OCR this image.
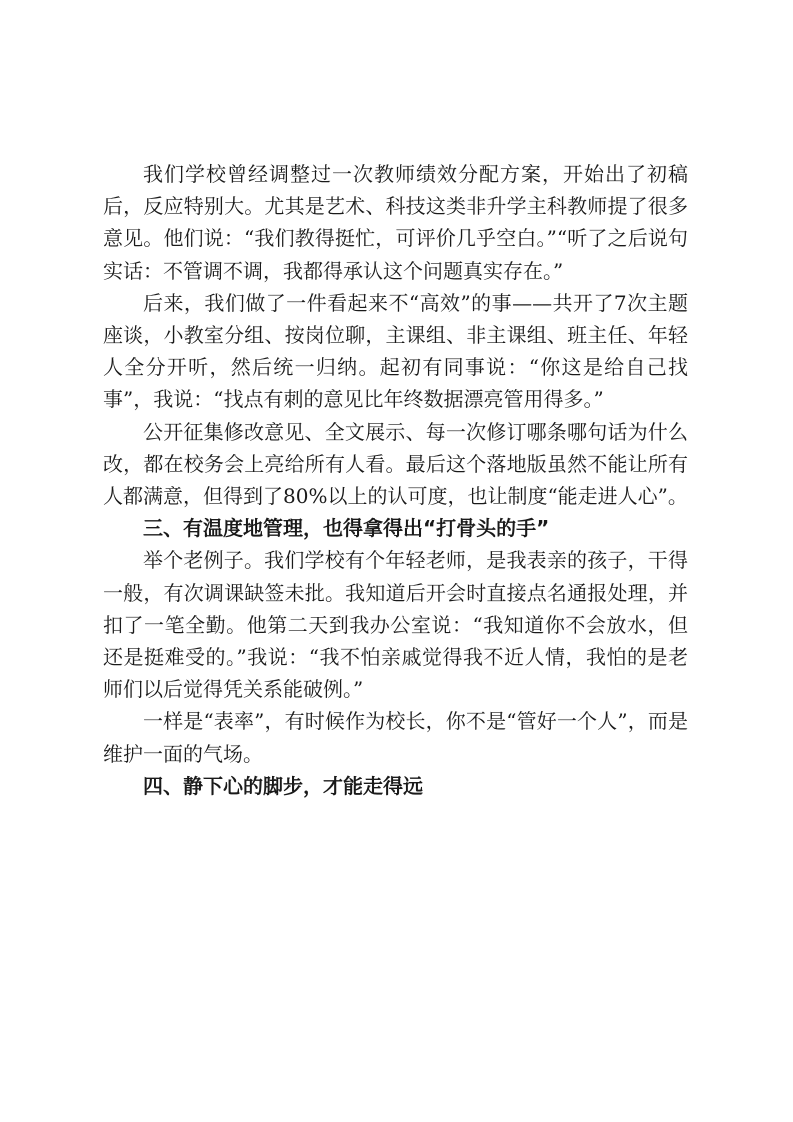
我们学校曾经调整过一次教师绩效分配方案，开始出了初稿后，反应特别大。尤其是艺术、科技这类非升学主科教师提了很多意见。他们说：“我们教得挺忙，可评价几乎空白。”“听了之后说句实话：不管调不调，我都得承认这个问题真实存在。”

后来，我们做了一件看起来不“高效”的事——共开了7次主题座谈，小教室分组、按岗位聊，主课组、非主课组、班主任、年轻人全分开听，然后统一归纳。起初有同事说：“你这是给自己找事”，我说：“找点有刺的意见比年终数据漂亮管用得多。”

公开征集修改意见、全文展示、每一次修订哪条哪句话为什么改，都在校务会上亮给所有人看。最后这个落地版虽然不能让所有人都满意，但得到了80%以上的认可度，也让制度“能走进人心”。

三、有温度地管理，也得拿得出“打骨头的手”

举个老例子。我们学校有个年轻老师，是我表亲的孩子，干得一般，有次调课缺签未批。我知道后开会时直接点名通报处理，并扣了一笔全勤。他第二天到我办公室说：“我知道你不会放水，但还是挺难受的。”我说：“我不怕亲戚觉得我不近人情，我怕的是老师们以后觉得凭关系能破例。”

一样是“表率”，有时候作为校长，你不是“管好一个人”，而是维护一面的气场。

四、静下心的脚步，才能走得远
